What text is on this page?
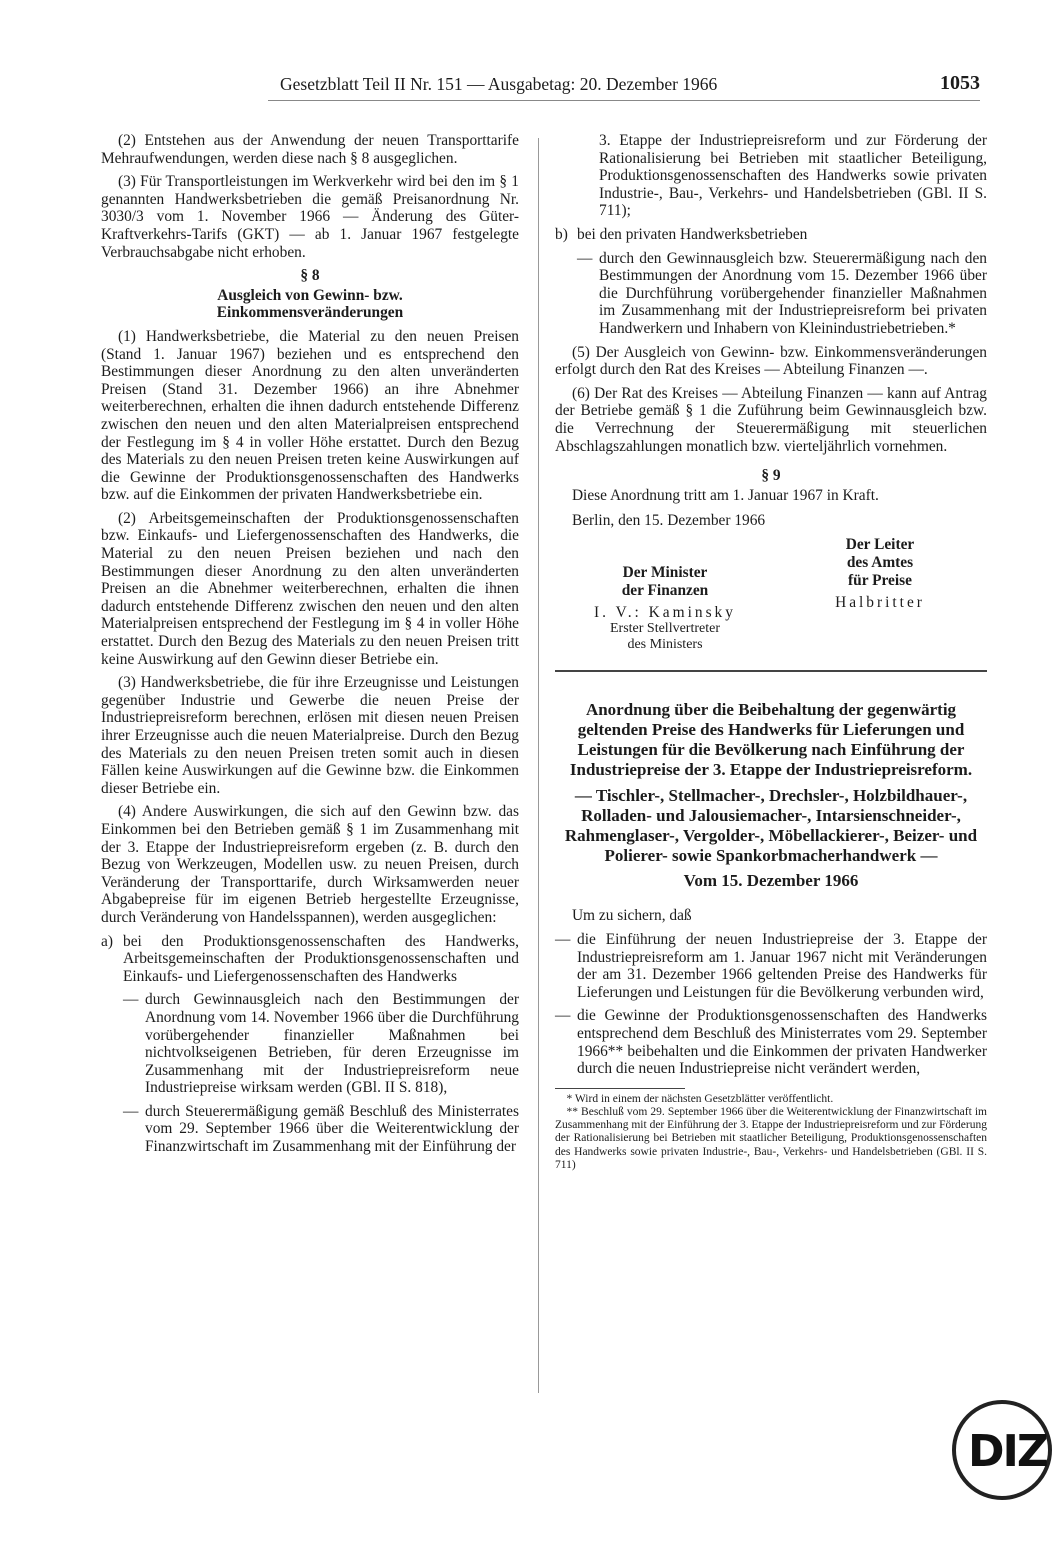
Gesetzblatt Teil II Nr. 151 — Ausgabetag: 20. Dezember 1966	1053

(2) Entstehen aus der Anwendung der neuen Transporttarife Mehraufwendungen, werden diese nach § 8 ausgeglichen.

(3) Für Transportleistungen im Werkverkehr wird bei den im § 1 genannten Handwerksbetrieben die gemäß Preisanordnung Nr. 3030/3 vom 1. November 1966 — Änderung des Güter-Kraftverkehrs-Tarifs (GKT) — ab 1. Januar 1967 festgelegte Verbrauchsabgabe nicht erhoben.

§ 8
Ausgleich von Gewinn- bzw.
Einkommensveränderungen

(1) Handwerksbetriebe, die Material zu den neuen Preisen (Stand 1. Januar 1967) beziehen und es entsprechend den Bestimmungen dieser Anordnung zu den alten unveränderten Preisen (Stand 31. Dezember 1966) an ihre Abnehmer weiterberechnen, erhalten die ihnen dadurch entstehende Differenz zwischen den neuen und den alten Materialpreisen entsprechend der Festlegung im § 4 in voller Höhe erstattet. Durch den Bezug des Materials zu den neuen Preisen treten keine Auswirkungen auf die Gewinne der Produktionsgenossenschaften des Handwerks bzw. auf die Einkommen der privaten Handwerksbetriebe ein.

(2) Arbeitsgemeinschaften der Produktionsgenossenschaften bzw. Einkaufs- und Liefergenossenschaften des Handwerks, die Material zu den neuen Preisen beziehen und nach den Bestimmungen dieser Anordnung zu den alten unveränderten Preisen an die Abnehmer weiterberechnen, erhalten die ihnen dadurch entstehende Differenz zwischen den neuen und den alten Materialpreisen entsprechend der Festlegung im § 4 in voller Höhe erstattet. Durch den Bezug des Materials zu den neuen Preisen tritt keine Auswirkung auf den Gewinn dieser Betriebe ein.

(3) Handwerksbetriebe, die für ihre Erzeugnisse und Leistungen gegenüber Industrie und Gewerbe die neuen Preise der Industriepreisreform berechnen, erlösen mit diesen neuen Preisen ihrer Erzeugnisse auch die neuen Materialpreise. Durch den Bezug des Materials zu den neuen Preisen treten somit auch in diesen Fällen keine Auswirkungen auf die Gewinne bzw. die Einkommen dieser Betriebe ein.

(4) Andere Auswirkungen, die sich auf den Gewinn bzw. das Einkommen bei den Betrieben gemäß § 1 im Zusammenhang mit der 3. Etappe der Industriepreisreform ergeben (z. B. durch den Bezug von Werkzeugen, Modellen usw. zu neuen Preisen, durch Veränderung der Transporttarife, durch Wirksamwerden neuer Abgabepreise für im eigenen Betrieb hergestellte Erzeugnisse, durch Veränderung von Handelsspannen), werden ausgeglichen:

a) bei den Produktionsgenossenschaften des Handwerks, Arbeitsgemeinschaften der Produktionsgenossenschaften und Einkaufs- und Liefergenossenschaften des Handwerks
— durch Gewinnausgleich nach den Bestimmungen der Anordnung vom 14. November 1966 über die Durchführung vorübergehender finanzieller Maßnahmen bei nichtvolkseigenen Betrieben, für deren Erzeugnisse im Zusammenhang mit der Industriepreisreform neue Industriepreise wirksam werden (GBl. II S. 818),
— durch Steuerermäßigung gemäß Beschluß des Ministerrates vom 29. September 1966 über die Weiterentwicklung der Finanzwirtschaft im Zusammenhang mit der Einführung der

3. Etappe der Industriepreisreform und zur Förderung der Rationalisierung bei Betrieben mit staatlicher Beteiligung, Produktionsgenossenschaften des Handwerks sowie privaten Industrie-, Bau-, Verkehrs- und Handelsbetrieben (GBl. II S. 711);

b) bei den privaten Handwerksbetrieben
— durch den Gewinnausgleich bzw. Steuerermäßigung nach den Bestimmungen der Anordnung vom 15. Dezember 1966 über die Durchführung vorübergehender finanzieller Maßnahmen im Zusammenhang mit der Industriepreisreform bei privaten Handwerkern und Inhabern von Kleinindustriebetrieben.*

(5) Der Ausgleich von Gewinn- bzw. Einkommensveränderungen erfolgt durch den Rat des Kreises — Abteilung Finanzen —.

(6) Der Rat des Kreises — Abteilung Finanzen — kann auf Antrag der Betriebe gemäß § 1 die Zuführung beim Gewinnausgleich bzw. die Verrechnung der Steuerermäßigung mit steuerlichen Abschlagszahlungen monatlich bzw. vierteljährlich vornehmen.

§ 9

Diese Anordnung tritt am 1. Januar 1967 in Kraft.

Berlin, den 15. Dezember 1966

Der Minister
der Finanzen
I. V.: Kaminsky
Erster Stellvertreter
des Ministers
Der Leiter
des Amtes
für Preise
Halbritter
Anordnung über die Beibehaltung der gegenwärtig geltenden Preise des Handwerks für Lieferungen und Leistungen für die Bevölkerung nach Einführung der Industriepreise der 3. Etappe der Industriepreisreform.
— Tischler-, Stellmacher-, Drechsler-, Holzbildhauer-, Rolladen- und Jalousiemacher-, Intarsienschneider-, Rahmenglaser-, Vergolder-, Möbellackierer-, Beizer- und Polierer- sowie Spankorbmacherhandwerk —
Vom 15. Dezember 1966

Um zu sichern, daß

— die Einführung der neuen Industriepreise der 3. Etappe der Industriepreisreform am 1. Januar 1967 nicht mit Veränderungen der am 31. Dezember 1966 geltenden Preise des Handwerks für Lieferungen und Leistungen für die Bevölkerung verbunden wird,
— die Gewinne der Produktionsgenossenschaften des Handwerks entsprechend dem Beschluß des Ministerrates vom 29. September 1966** beibehalten und die Einkommen der privaten Handwerker durch die neuen Industriepreise nicht verändert werden,

* Wird in einem der nächsten Gesetzblätter veröffentlicht.

** Beschluß vom 29. September 1966 über die Weiterentwicklung der Finanzwirtschaft im Zusammenhang mit der Einführung der 3. Etappe der Industriepreisreform und zur Förderung der Rationalisierung bei Betrieben mit staatlicher Beteiligung, Produktionsgenossenschaften des Handwerks sowie privaten Industrie-, Bau-, Verkehrs- und Handelsbetrieben (GBl. II S. 711)

DIZ
